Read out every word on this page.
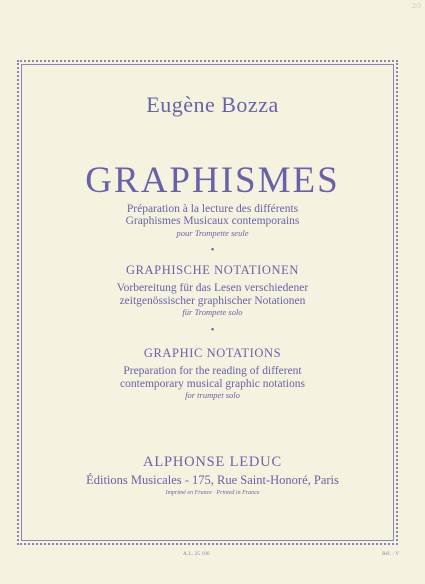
2/3
Eugène Bozza
GRAPHISMES
Préparation à la lecture des différents
Graphismes Musicaux contemporains
pour Trompette seule
•
GRAPHISCHE NOTATIONEN
Vorbereitung für das Lesen verschiedener
zeitgenössischer graphischer Notationen
für Trompete solo
•
GRAPHIC NOTATIONS
Preparation for the reading of different
contemporary musical graphic notations
for trumpet solo
ALPHONSE LEDUC
Éditions Musicales - 175, Rue Saint-Honoré, Paris
Imprimé en France · Printed in France
A.L. 25 186	Rél. : V
